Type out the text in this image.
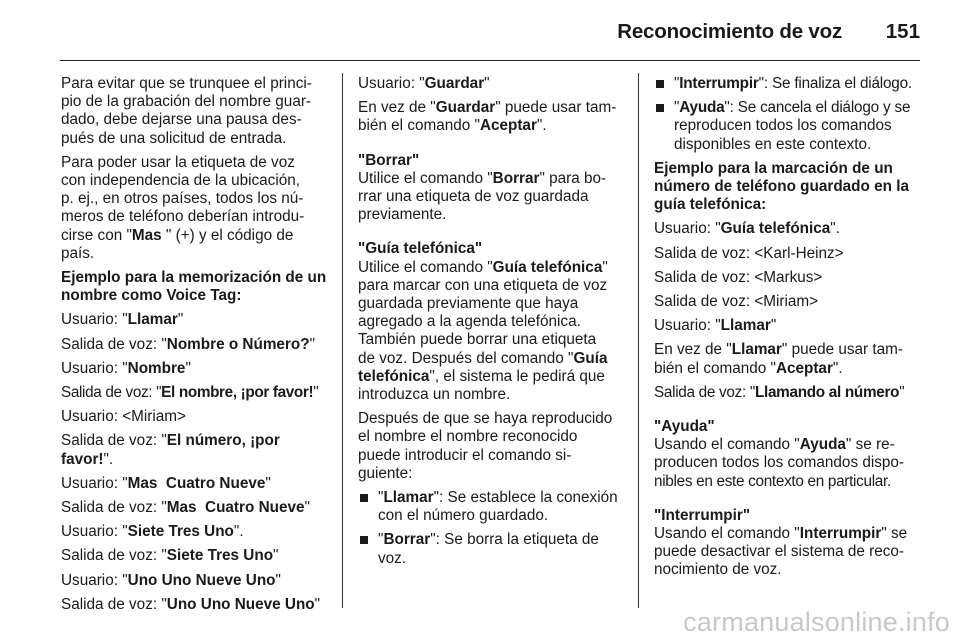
Reconocimiento de voz 151
Para evitar que se trunquee el princi-
pio de la grabación del nombre guar-
dado, debe dejarse una pausa des-
pués de una solicitud de entrada.
Para poder usar la etiqueta de voz
con independencia de la ubicación,
p. ej., en otros países, todos los nú-
meros de teléfono deberían introdu-
cirse con "Mas " (+) y el código de
país.
Ejemplo para la memorización de un
nombre como Voice Tag:
Usuario: "Llamar"
Salida de voz: "Nombre o Número?"
Usuario: "Nombre"
Salida de voz: "El nombre, ¡por favor!"
Usuario: <Miriam>
Salida de voz: "El número, ¡por
favor!".
Usuario: "Mas  Cuatro Nueve"
Salida de voz: "Mas  Cuatro Nueve"
Usuario: "Siete Tres Uno".
Salida de voz: "Siete Tres Uno"
Usuario: "Uno Uno Nueve Uno"
Salida de voz: "Uno Uno Nueve Uno"
Usuario: "Guardar"
En vez de "Guardar" puede usar tam-
bién el comando "Aceptar".
"Borrar"
Utilice el comando "Borrar" para bo-
rrar una etiqueta de voz guardada
previamente.
"Guía telefónica"
Utilice el comando "Guía telefónica"
para marcar con una etiqueta de voz
guardada previamente que haya
agregado a la agenda telefónica.
También puede borrar una etiqueta
de voz. Después del comando "Guía
telefónica", el sistema le pedirá que
introduzca un nombre.
Después de que se haya reproducido
el nombre el nombre reconocido
puede introducir el comando si-
guiente:
"Llamar": Se establece la conexión
con el número guardado.
"Borrar": Se borra la etiqueta de
voz.
"Interrumpir": Se finaliza el diálogo.
"Ayuda": Se cancela el diálogo y se
reproducen todos los comandos
disponibles en este contexto.
Ejemplo para la marcación de un
número de teléfono guardado en la
guía telefónica:
Usuario: "Guía telefónica".
Salida de voz: <Karl-Heinz>
Salida de voz: <Markus>
Salida de voz: <Miriam>
Usuario: "Llamar"
En vez de "Llamar" puede usar tam-
bién el comando "Aceptar".
Salida de voz: "Llamando al número"
"Ayuda"
Usando el comando "Ayuda" se re-
producen todos los comandos dispo-
nibles en este contexto en particular.
"Interrumpir"
Usando el comando "Interrumpir" se
puede desactivar el sistema de reco-
nocimiento de voz.
carmanualsonline.info
